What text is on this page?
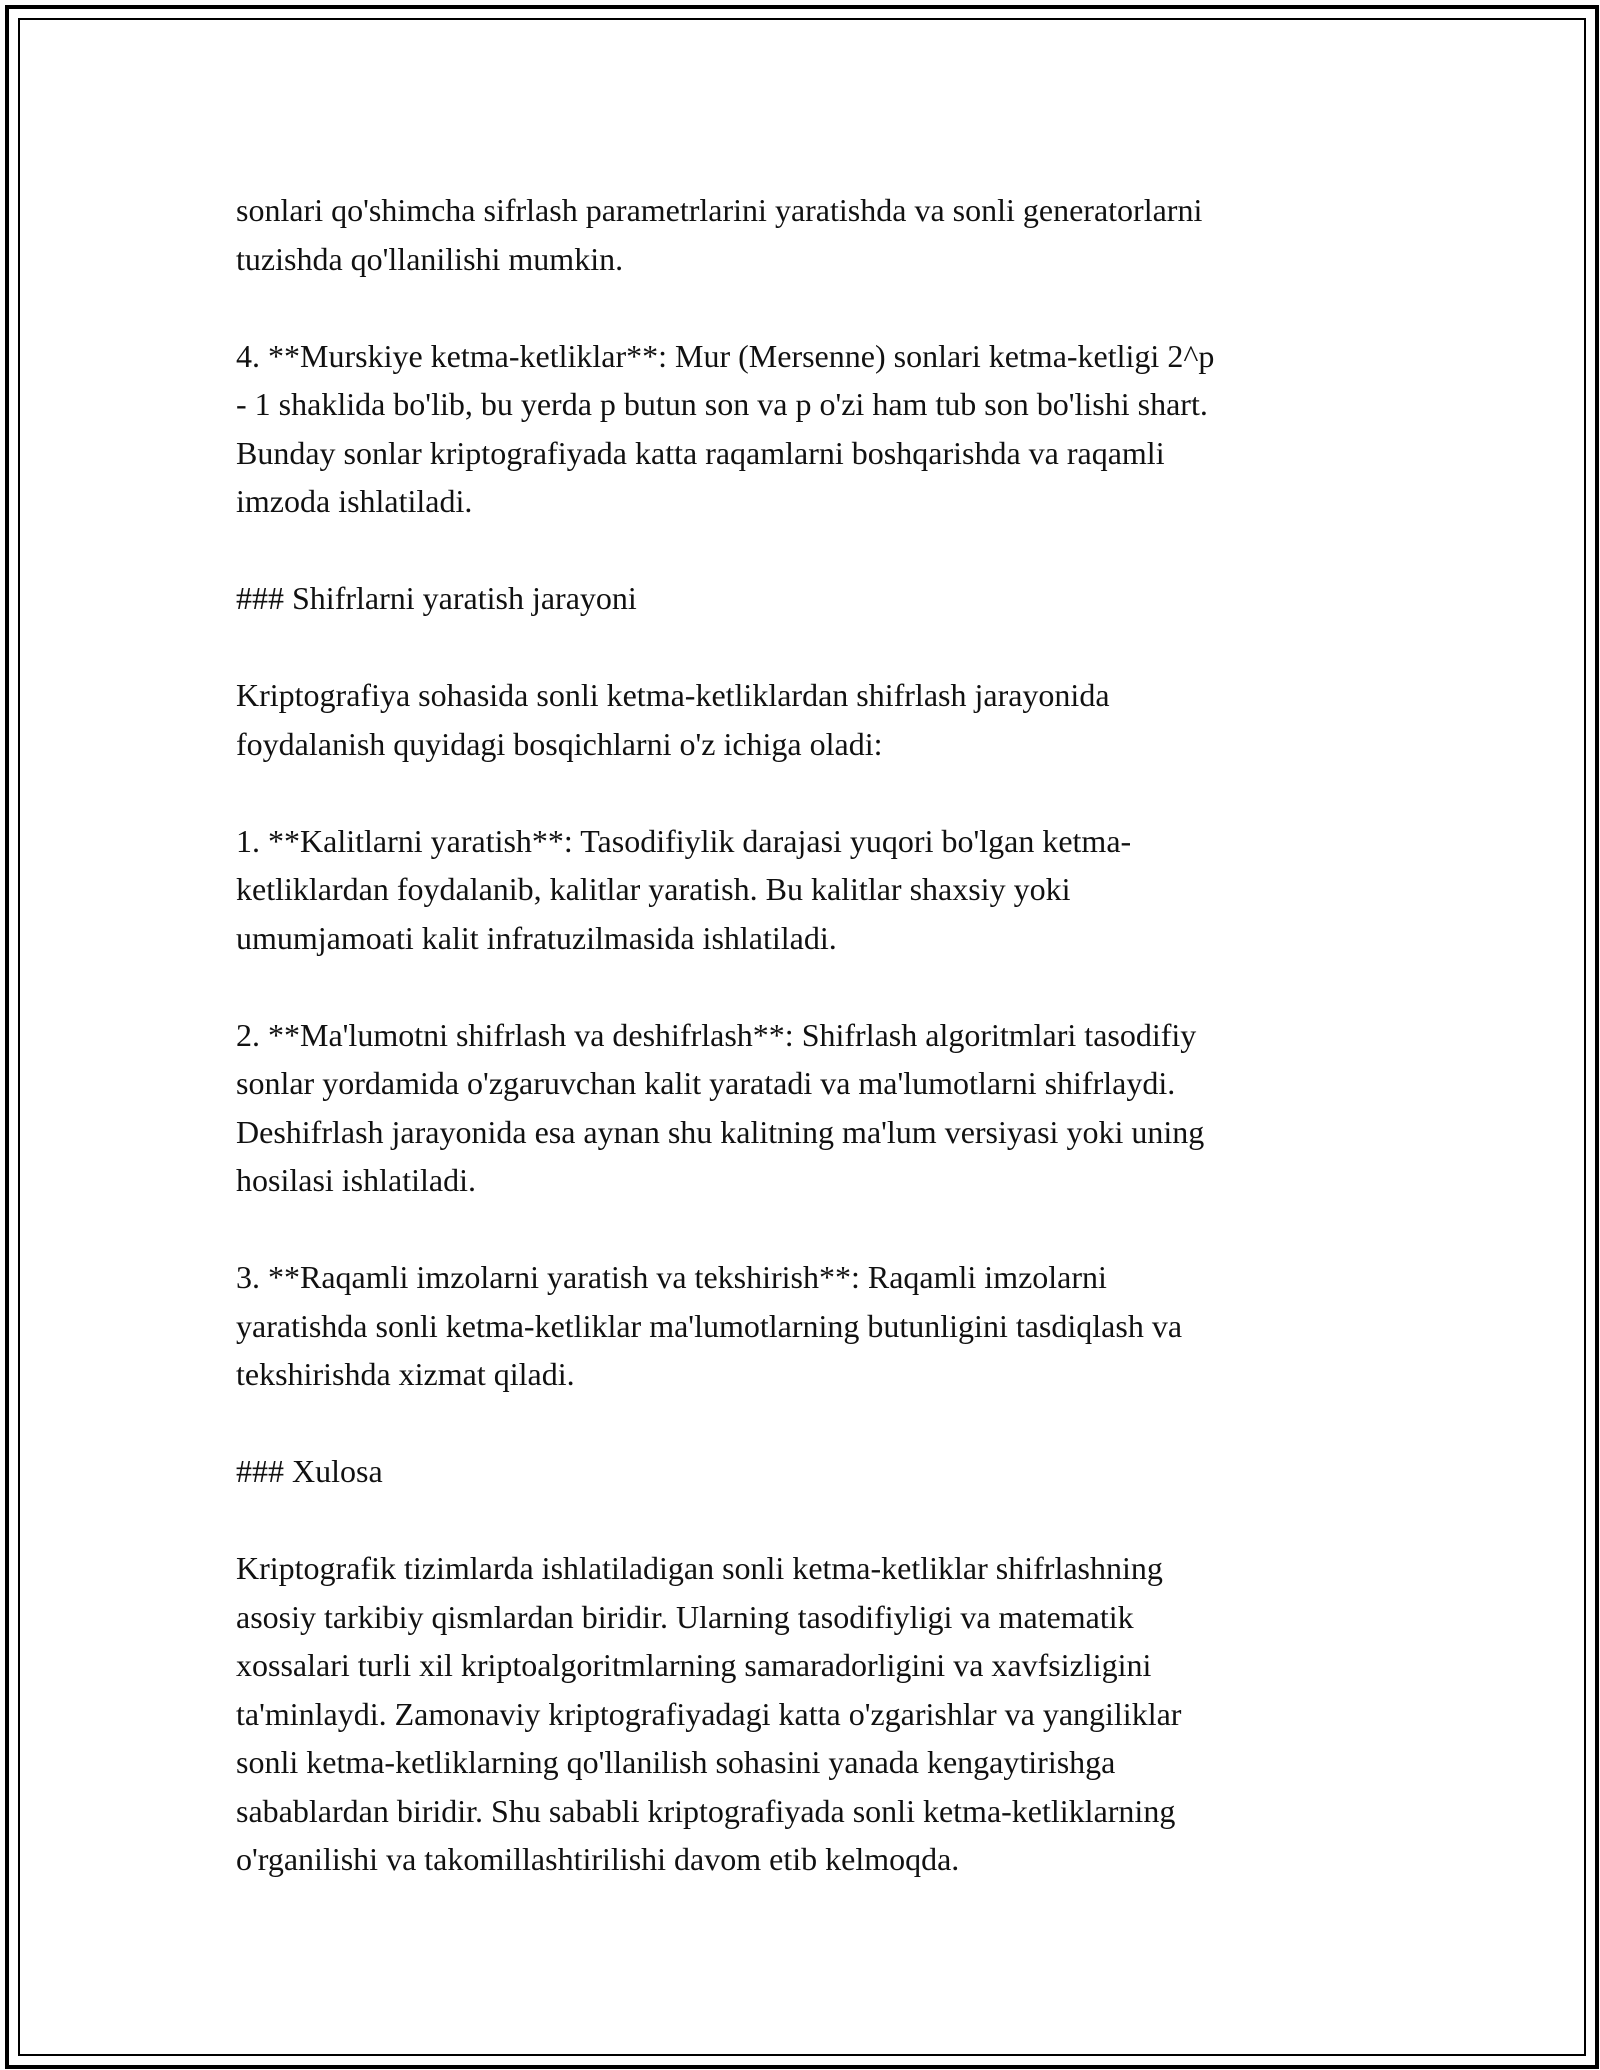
sonlari qo'shimcha sifrlash parametrlarini yaratishda va sonli generatorlarni
tuzishda qo'llanilishi mumkin.

4. **Murskiye ketma-ketliklar**: Mur (Mersenne) sonlari ketma-ketligi 2^p
- 1 shaklida bo'lib, bu yerda p butun son va p o'zi ham tub son bo'lishi shart.
Bunday sonlar kriptografiyada katta raqamlarni boshqarishda va raqamli
imzoda ishlatiladi.

### Shifrlarni yaratish jarayoni

Kriptografiya sohasida sonli ketma-ketliklardan shifrlash jarayonida
foydalanish quyidagi bosqichlarni o'z ichiga oladi:

1. **Kalitlarni yaratish**: Tasodifiylik darajasi yuqori bo'lgan ketma-
ketliklardan foydalanib, kalitlar yaratish. Bu kalitlar shaxsiy yoki
umumjamoati kalit infratuzilmasida ishlatiladi.

2. **Ma'lumotni shifrlash va deshifrlash**: Shifrlash algoritmlari tasodifiy
sonlar yordamida o'zgaruvchan kalit yaratadi va ma'lumotlarni shifrlaydi.
Deshifrlash jarayonida esa aynan shu kalitning ma'lum versiyasi yoki uning
hosilasi ishlatiladi.

3. **Raqamli imzolarni yaratish va tekshirish**: Raqamli imzolarni
yaratishda sonli ketma-ketliklar ma'lumotlarning butunligini tasdiqlash va
tekshirishda xizmat qiladi.

### Xulosa

Kriptografik tizimlarda ishlatiladigan sonli ketma-ketliklar shifrlashning
asosiy tarkibiy qismlardan biridir. Ularning tasodifiyligi va matematik
xossalari turli xil kriptoalgoritmlarning samaradorligini va xavfsizligini
ta'minlaydi. Zamonaviy kriptografiyadagi katta o'zgarishlar va yangiliklar
sonli ketma-ketliklarning qo'llanilish sohasini yanada kengaytirishga
sabablardan biridir. Shu sababli kriptografiyada sonli ketma-ketliklarning
o'rganilishi va takomillashtirilishi davom etib kelmoqda.
